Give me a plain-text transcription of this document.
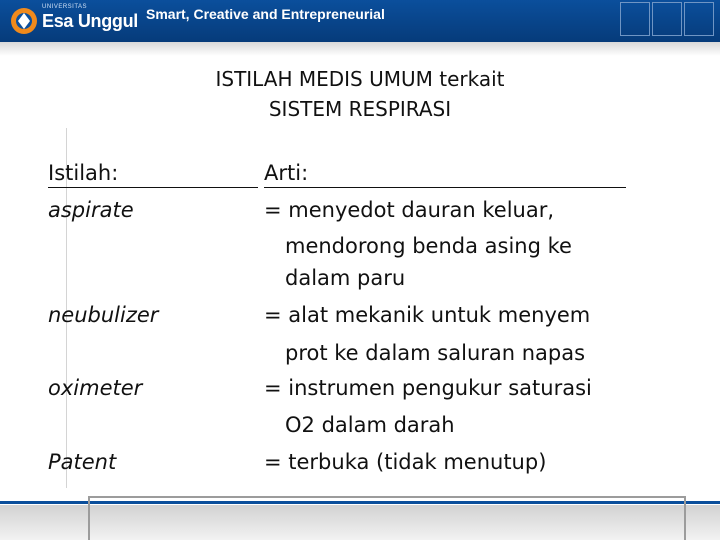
UNIVERSITAS
Esa Unggul Smart, Creative and Entrepreneurial
ISTILAH MEDIS UMUM terkait
SISTEM RESPIRASI
Istilah:
aspirate
neubulizer
oximeter
Patent
Arti:
= menyedot dauran keluar,
mendorong benda asing ke
dalam paru
= alat mekanik untuk menyem
prot ke dalam saluran napas
= instrumen pengukur saturasi
O2 dalam darah
= terbuka (tidak menutup)
